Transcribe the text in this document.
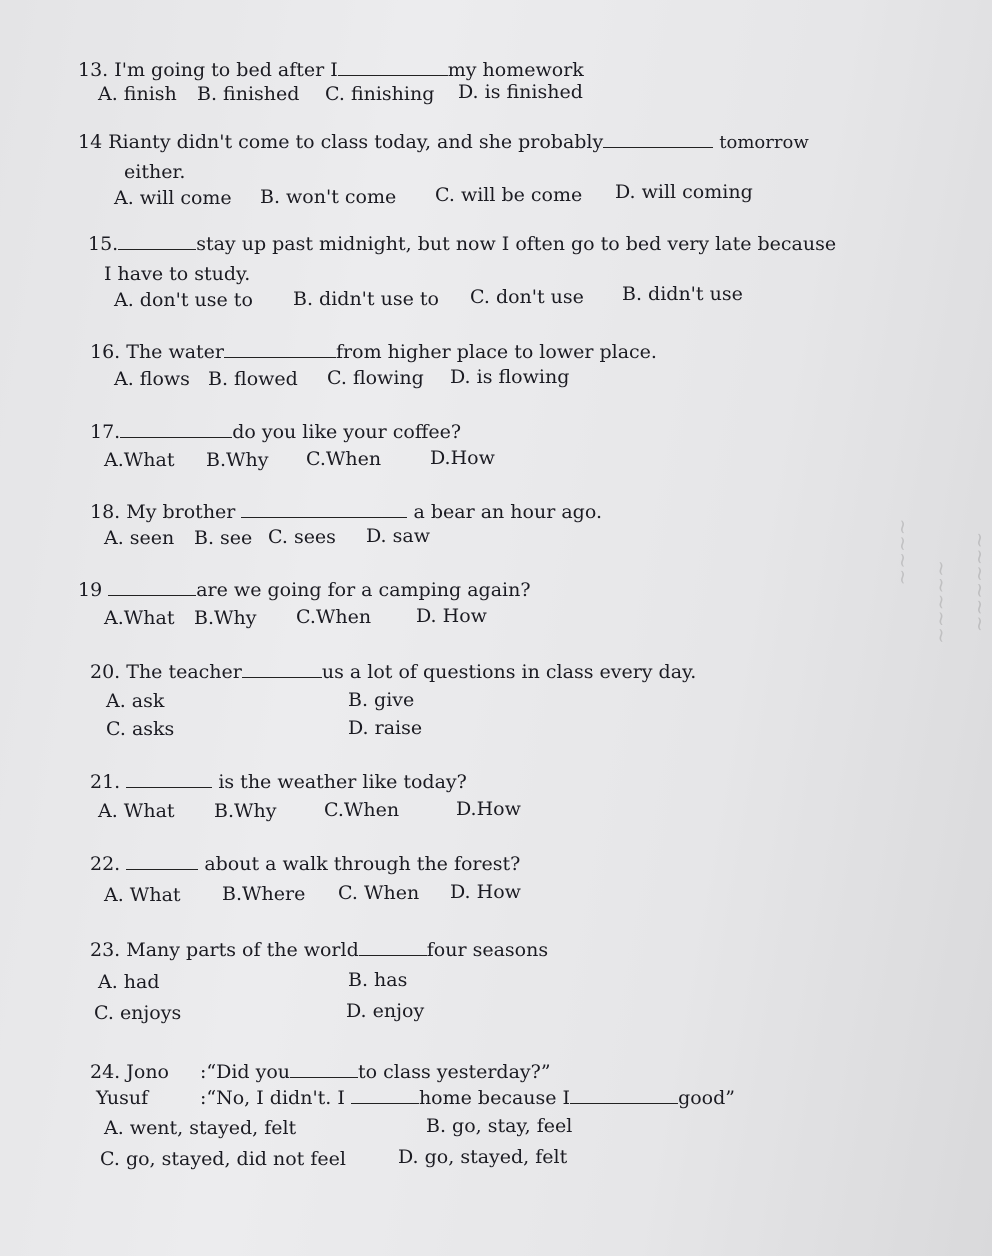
13. I'm going to bed after I	my homework
A. finish B. finished C. finishing D. is finished
14 Rianty didn't come to class today, and she probably	tomorrow
either.
A. will come B. won't come C. will be come D. will coming
15.	stay up past midnight, but now I often go to bed very late because
I have to study.
A. don't use to B. didn't use to C. don't use B. didn't use
16. The water	from higher place to lower place.
A. flows B. flowed C. flowing D. is flowing
17.	do you like your coffee?
A.What B.Why C.When	D.How
18. My brother	a bear an hour ago.
A. seen B. see C. sees D. saw
19	are we going for a camping again?
A.What B.Why C.When D. How
20. The teacher	us a lot of questions in class every day.
A. ask	B. give
C. asks	D. raise
21.	is the weather like today?
A. What B.Why C.When	D.How
22.	about a walk through the forest?
A. What B.Where C. When D. How
23. Many parts of the world	four seasons
A. had	B. has
C. enjoys	D. enjoy
24. Jono :“Did you	to class yesterday?”
Yusuf	:“No, I didn't. I	home because I	good”
A. went, stayed, felt	B. go, stay, feel
C. go, stayed, did not feel	D. go, stayed, felt
~~~~
~~~~~ ~~~~~~
